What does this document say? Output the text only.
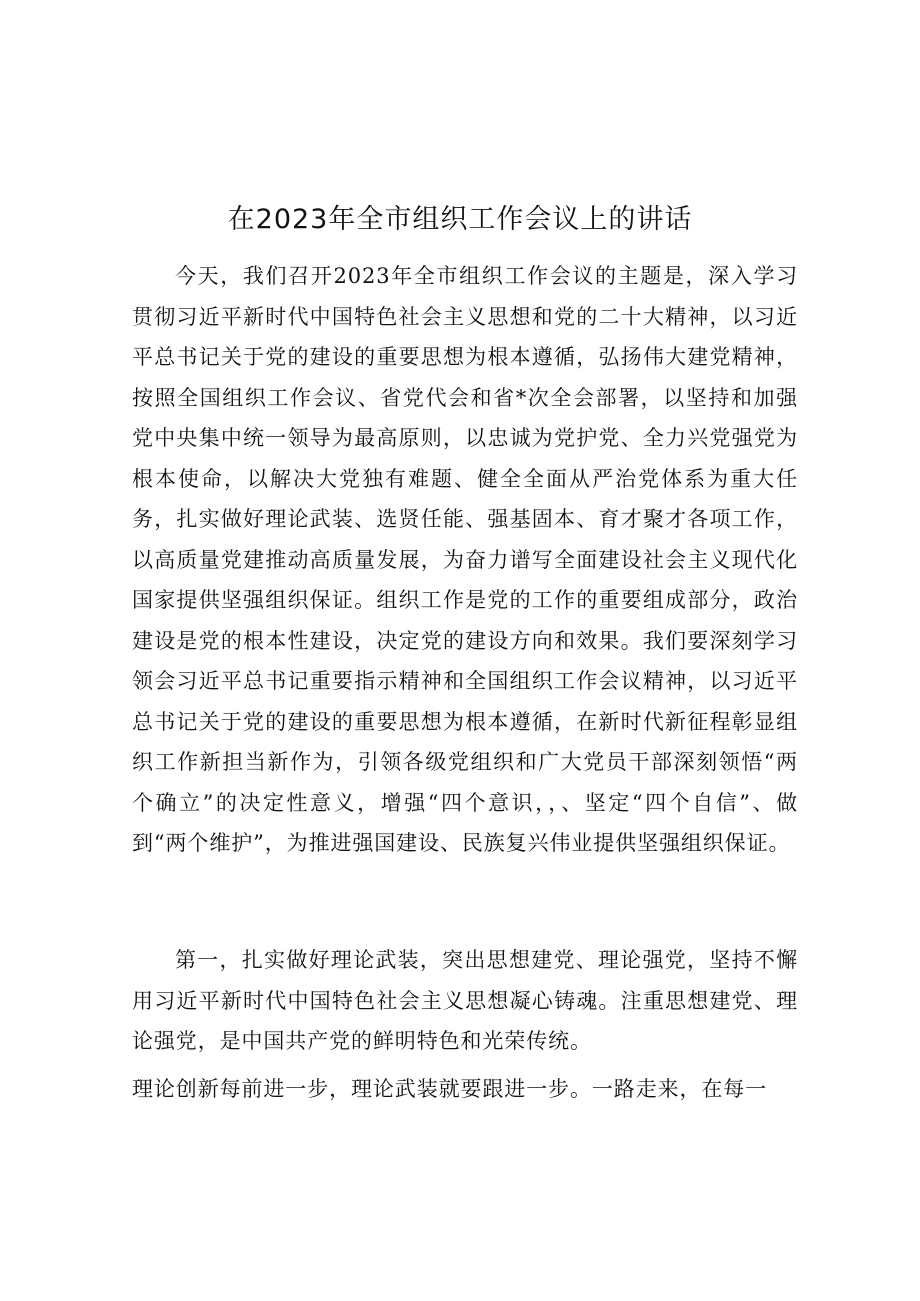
在2023年全市组织工作会议上的讲话

今天，我们召开2023年全市组织工作会议的主题是，深入学习贯彻习近平新时代中国特色社会主义思想和党的二十大精神，以习近平总书记关于党的建设的重要思想为根本遵循，弘扬伟大建党精神，按照全国组织工作会议、省党代会和省*次全会部署，以坚持和加强党中央集中统一领导为最高原则，以忠诚为党护党、全力兴党强党为根本使命，以解决大党独有难题、健全全面从严治党体系为重大任务，扎实做好理论武装、选贤任能、强基固本、育才聚才各项工作，以高质量党建推动高质量发展，为奋力谱写全面建设社会主义现代化国家提供坚强组织保证。组织工作是党的工作的重要组成部分，政治建设是党的根本性建设，决定党的建设方向和效果。我们要深刻学习领会习近平总书记重要指示精神和全国组织工作会议精神，以习近平总书记关于党的建设的重要思想为根本遵循，在新时代新征程彰显组织工作新担当新作为，引领各级党组织和广大党员干部深刻领悟“两个确立”的决定性意义，增强“四个意识，，、坚定“四个自信”、做到“两个维护”，为推进强国建设、民族复兴伟业提供坚强组织保证。

第一，扎实做好理论武装，突出思想建党、理论强党，坚持不懈用习近平新时代中国特色社会主义思想凝心铸魂。注重思想建党、理论强党，是中国共产党的鲜明特色和光荣传统。

理论创新每前进一步，理论武装就要跟进一步。一路走来，在每一
